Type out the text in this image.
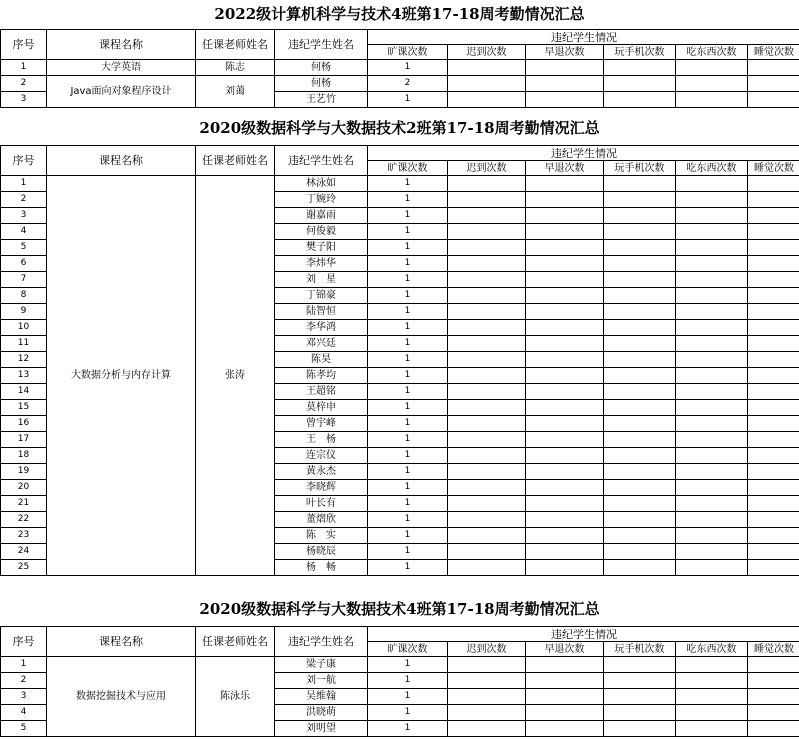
2022级计算机科学与技术4班第17-18周考勤情况汇总
序号	课程名称	任课老师姓名	违纪学生姓名	违纪学生情况					
				旷课次数	迟到次数	早退次数	玩手机次数	吃东西次数	睡觉次数
1	大学英语	陈志	何杨	1					
2	Java面向对象程序设计	刘蔼	何杨	2					
3			王艺竹	1					
2020级数据科学与大数据技术2班第17-18周考勤情况汇总
序号	课程名称	任课老师姓名	违纪学生姓名	违纪学生情况					
				旷课次数	迟到次数	早退次数	玩手机次数	吃东西次数	睡觉次数
1	大数据分析与内存计算	张涛	林泳如	1					
2			丁婉玲	1					
3			谢嘉雨	1					
4			何俊毅	1					
5			樊子阳	1					
6			李炜华	1					
7			刘　星	1					
8			丁锦豪	1					
9			陆智恒	1					
10			李华鸿	1					
11			邓兴廷	1					
12			陈昊	1					
13			陈孝均	1					
14			王超铭	1					
15			莫梓申	1					
16			曾宇峰	1					
17			王　杨	1					
18			连宗仪	1					
19			黄永杰	1					
20			李晓辉	1					
21			叶长有	1					
22			董熠欣	1					
23			陈　实	1					
24			杨晓辰	1					
25			杨　畅	1					
2020级数据科学与大数据技术4班第17-18周考勤情况汇总
序号	课程名称	任课老师姓名	违纪学生姓名	违纪学生情况					
				旷课次数	迟到次数	早退次数	玩手机次数	吃东西次数	睡觉次数
1	数据挖掘技术与应用	陈泳乐	梁子康	1					
2			刘一航	1					
3			吴维翰	1					
4			洪晓萌	1					
5			刘明望	1					
